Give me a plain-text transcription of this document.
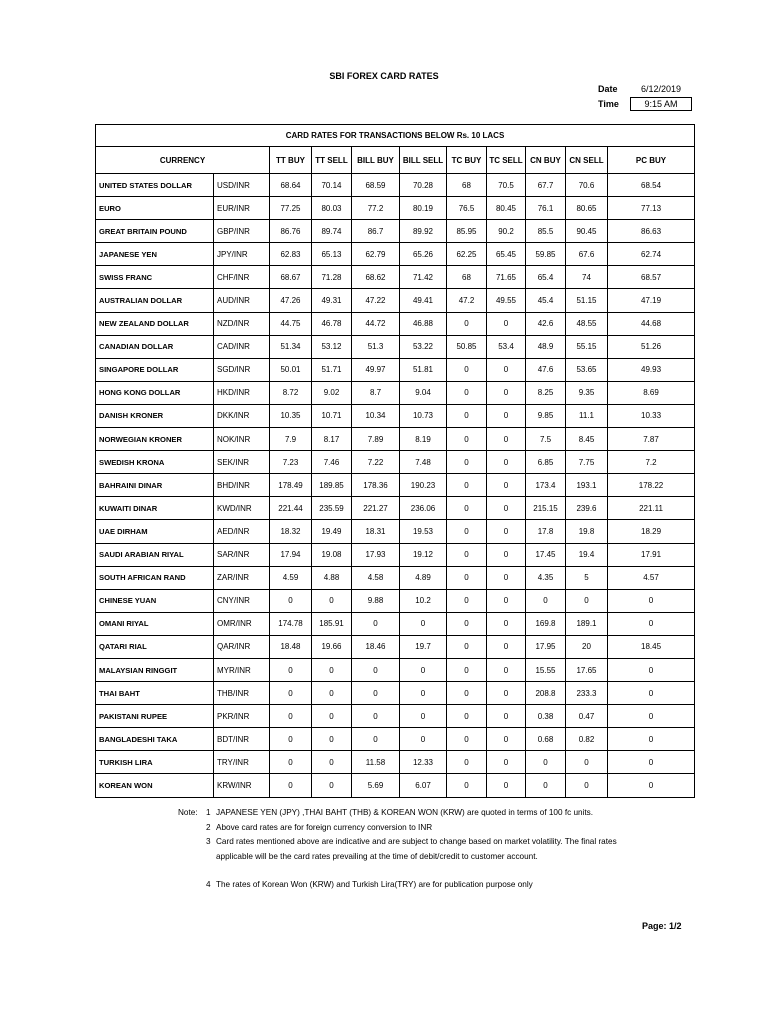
SBI FOREX CARD RATES
Date	6/12/2019
Time	9:15 AM
CARD RATES FOR TRANSACTIONS BELOW Rs. 10 LACS										
CURRENCY		TT BUY	TT SELL	BILL BUY	BILL SELL	TC BUY	TC SELL	CN BUY	CN SELL	PC BUY
UNITED STATES DOLLAR	USD/INR	68.64	70.14	68.59	70.28	68	70.5	67.7	70.6	68.54
EURO	EUR/INR	77.25	80.03	77.2	80.19	76.5	80.45	76.1	80.65	77.13
GREAT BRITAIN POUND	GBP/INR	86.76	89.74	86.7	89.92	85.95	90.2	85.5	90.45	86.63
JAPANESE YEN	JPY/INR	62.83	65.13	62.79	65.26	62.25	65.45	59.85	67.6	62.74
SWISS FRANC	CHF/INR	68.67	71.28	68.62	71.42	68	71.65	65.4	74	68.57
AUSTRALIAN DOLLAR	AUD/INR	47.26	49.31	47.22	49.41	47.2	49.55	45.4	51.15	47.19
NEW ZEALAND DOLLAR	NZD/INR	44.75	46.78	44.72	46.88	0	0	42.6	48.55	44.68
CANADIAN DOLLAR	CAD/INR	51.34	53.12	51.3	53.22	50.85	53.4	48.9	55.15	51.26
SINGAPORE DOLLAR	SGD/INR	50.01	51.71	49.97	51.81	0	0	47.6	53.65	49.93
HONG KONG DOLLAR	HKD/INR	8.72	9.02	8.7	9.04	0	0	8.25	9.35	8.69
DANISH KRONER	DKK/INR	10.35	10.71	10.34	10.73	0	0	9.85	11.1	10.33
NORWEGIAN KRONER	NOK/INR	7.9	8.17	7.89	8.19	0	0	7.5	8.45	7.87
SWEDISH KRONA	SEK/INR	7.23	7.46	7.22	7.48	0	0	6.85	7.75	7.2
BAHRAINI DINAR	BHD/INR	178.49	189.85	178.36	190.23	0	0	173.4	193.1	178.22
KUWAITI DINAR	KWD/INR	221.44	235.59	221.27	236.06	0	0	215.15	239.6	221.11
UAE DIRHAM	AED/INR	18.32	19.49	18.31	19.53	0	0	17.8	19.8	18.29
SAUDI ARABIAN RIYAL	SAR/INR	17.94	19.08	17.93	19.12	0	0	17.45	19.4	17.91
SOUTH AFRICAN RAND	ZAR/INR	4.59	4.88	4.58	4.89	0	0	4.35	5	4.57
CHINESE YUAN	CNY/INR	0	0	9.88	10.2	0	0	0	0	0
OMANI RIYAL	OMR/INR	174.78	185.91	0	0	0	0	169.8	189.1	0
QATARI RIAL	QAR/INR	18.48	19.66	18.46	19.7	0	0	17.95	20	18.45
MALAYSIAN RINGGIT	MYR/INR	0	0	0	0	0	0	15.55	17.65	0
THAI BAHT	THB/INR	0	0	0	0	0	0	208.8	233.3	0
PAKISTANI RUPEE	PKR/INR	0	0	0	0	0	0	0.38	0.47	0
BANGLADESHI TAKA	BDT/INR	0	0	0	0	0	0	0.68	0.82	0
TURKISH LIRA	TRY/INR	0	0	11.58	12.33	0	0	0	0	0
KOREAN WON	KRW/INR	0	0	5.69	6.07	0	0	0	0	0
Note: 1 JAPANESE YEN (JPY) ,THAI BAHT (THB) & KOREAN WON (KRW) are quoted in terms of 100 fc units.
2 Above card rates are for foreign currency conversion to INR
3 Card rates mentioned above are indicative and are subject to change based on market volatility. The final rates
applicable will be the card rates prevailing at the time of debit/credit to customer account.
4 The rates of Korean Won (KRW) and Turkish Lira(TRY) are for publication purpose only
Page: 1/2
